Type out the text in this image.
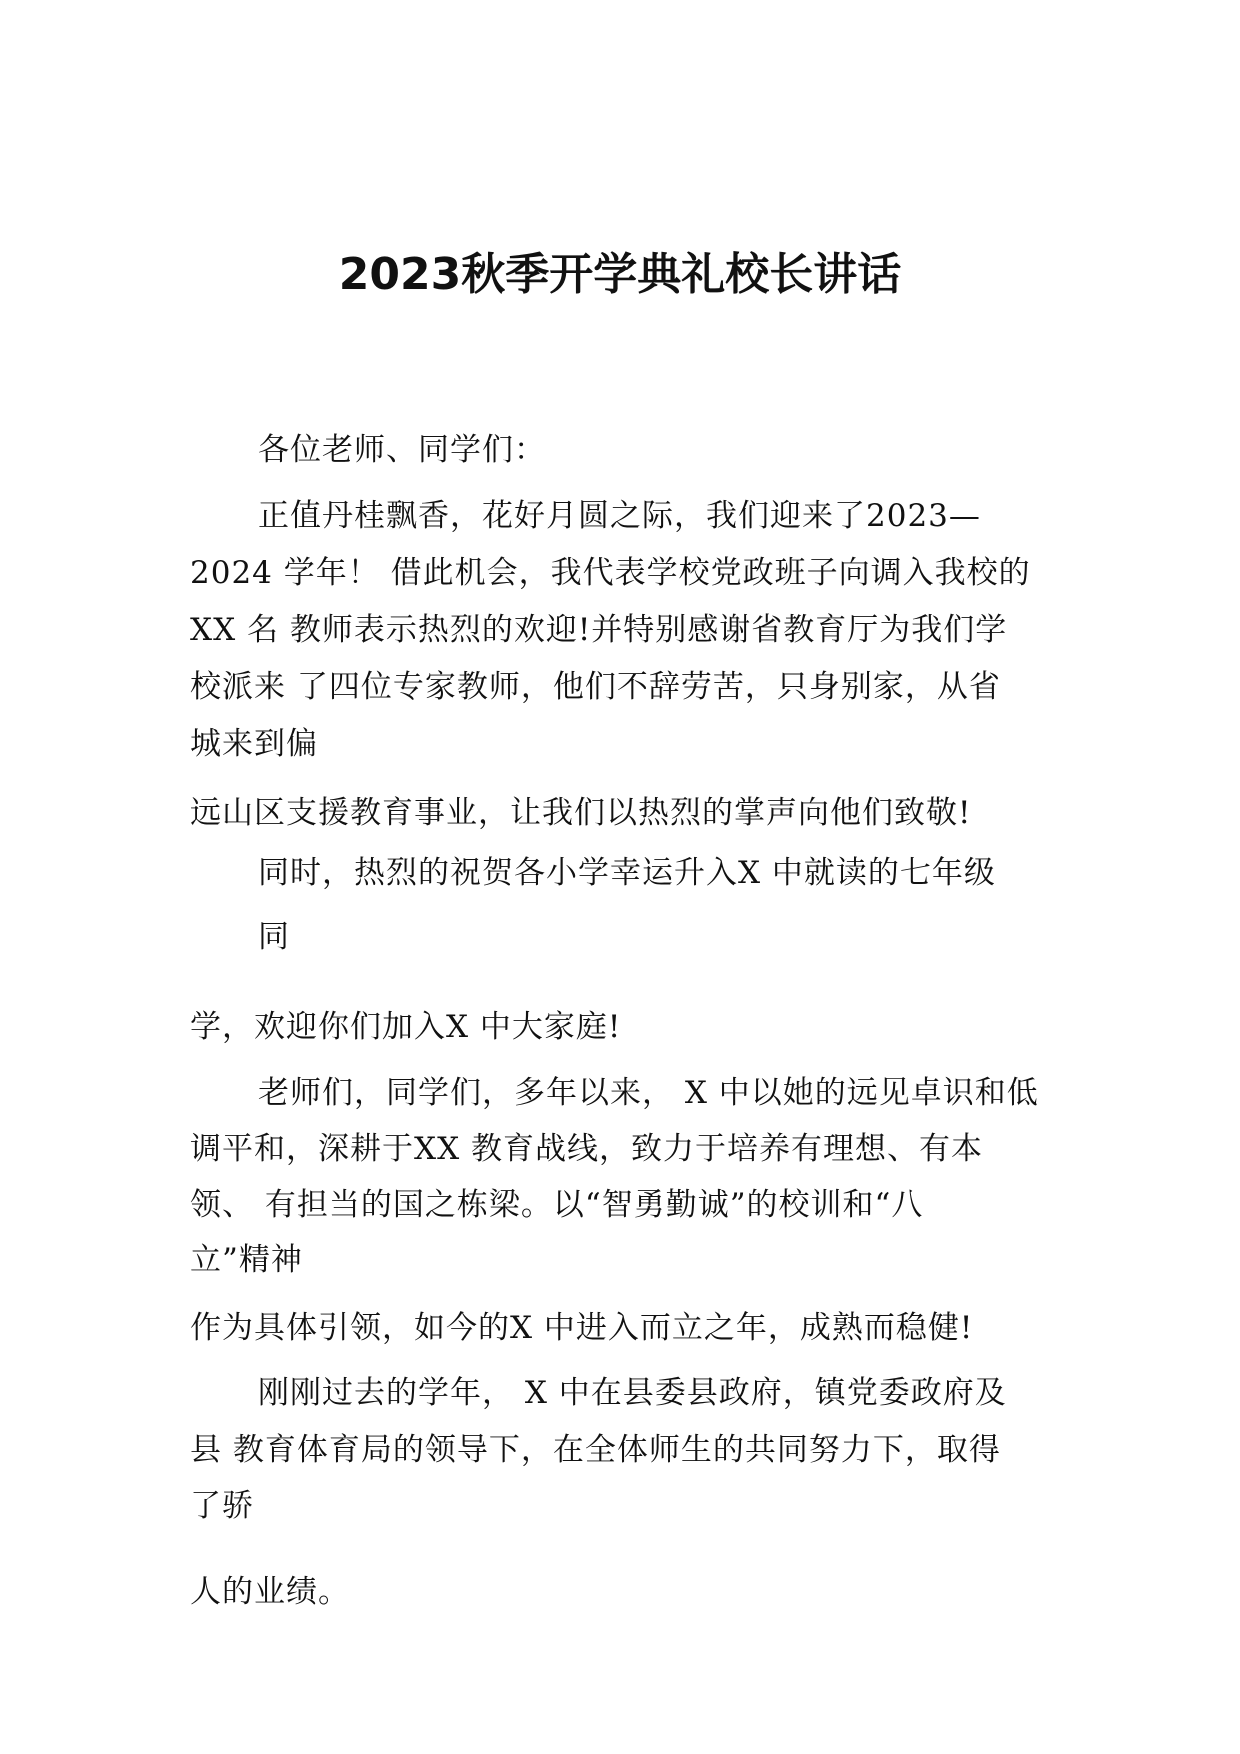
2023秋季开学典礼校长讲话

各位老师、同学们：

正值丹桂飘香，花好月圆之际，我们迎来了2023—

2024 学年！ 借此机会，我代表学校党政班子向调入我校的

XX 名 教师表示热烈的欢迎!并特别感谢省教育厅为我们学

校派来 了四位专家教师，他们不辞劳苦，只身别家，从省

城来到偏

远山区支援教育事业，让我们以热烈的掌声向他们致敬!

同时，热烈的祝贺各小学幸运升入X 中就读的七年级

同

学，欢迎你们加入X 中大家庭!

老师们，同学们，多年以来， X 中以她的远见卓识和低

调平和，深耕于XX 教育战线，致力于培养有理想、有本

领、 有担当的国之栋梁。以“智勇勤诚”的校训和“八

立”精神

作为具体引领，如今的X 中进入而立之年，成熟而稳健!

刚刚过去的学年， X 中在县委县政府，镇党委政府及

县 教育体育局的领导下，在全体师生的共同努力下，取得

了骄

人的业绩。
